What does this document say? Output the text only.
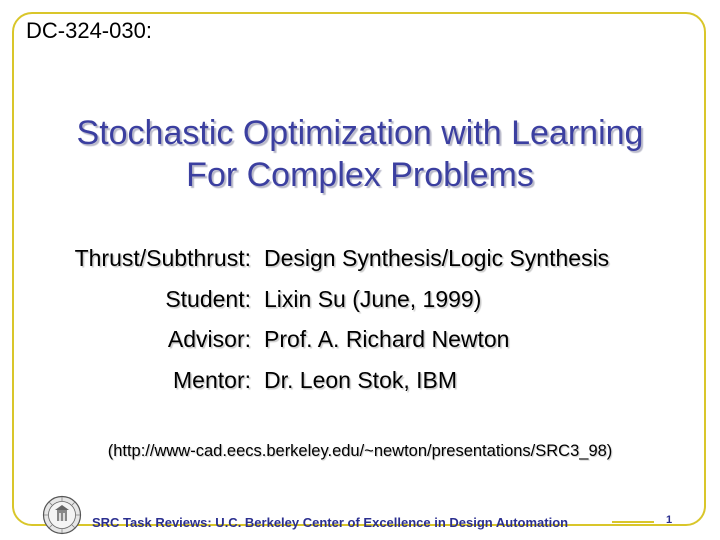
DC-324-030:
Stochastic Optimization with Learning
For Complex Problems
Thrust/Subthrust: Design Synthesis/Logic Synthesis
Student: Lixin Su (June, 1999)
Advisor: Prof. A. Richard Newton
Mentor: Dr. Leon Stok, IBM
(http://www-cad.eecs.berkeley.edu/~newton/presentations/SRC3_98)
SRC Task Reviews: U.C. Berkeley Center of Excellence in Design Automation	1
